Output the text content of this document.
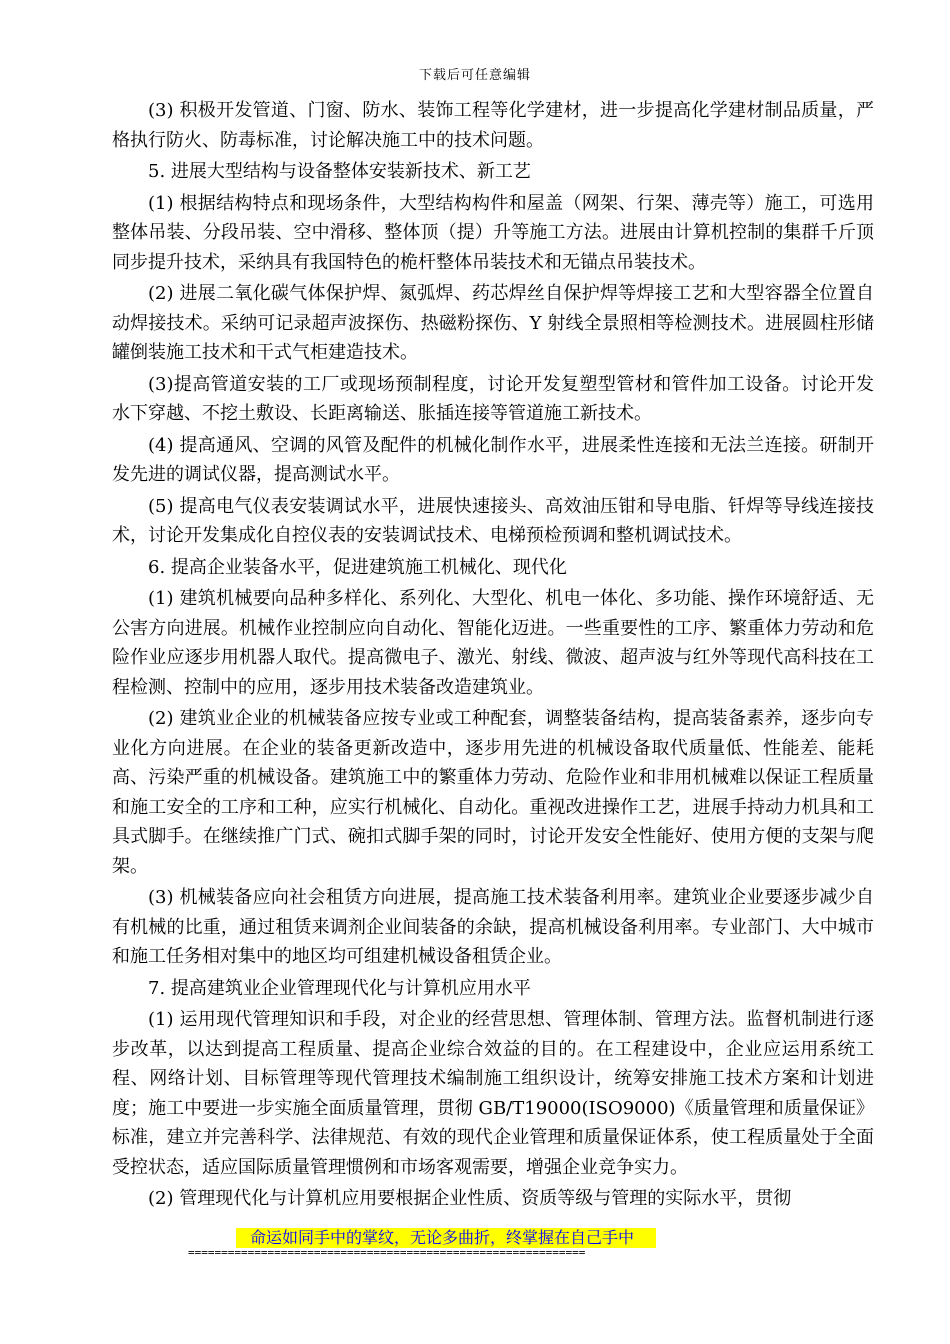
下载后可任意编辑

(3) 积极开发管道、门窗、防水、装饰工程等化学建材，进一步提高化学建材制品质量，严格执行防火、防毒标准，讨论解决施工中的技术问题。

5. 进展大型结构与设备整体安装新技术、新工艺

(1) 根据结构特点和现场条件，大型结构构件和屋盖（网架、行架、薄壳等）施工，可选用整体吊装、分段吊装、空中滑移、整体顶（提）升等施工方法。进展由计算机控制的集群千斤顶同步提升技术，采纳具有我国特色的桅杆整体吊装技术和无锚点吊装技术。

(2) 进展二氧化碳气体保护焊、氮弧焊、药芯焊丝自保护焊等焊接工艺和大型容器全位置自动焊接技术。采纳可记录超声波探伤、热磁粉探伤、Υ 射线全景照相等检测技术。进展圆柱形储罐倒装施工技术和干式气柜建造技术。

(3)提高管道安装的工厂或现场预制程度，讨论开发复塑型管材和管件加工设备。讨论开发水下穿越、不挖土敷设、长距离输送、胀插连接等管道施工新技术。

(4) 提高通风、空调的风管及配件的机械化制作水平，进展柔性连接和无法兰连接。研制开发先进的调试仪器，提高测试水平。

(5) 提高电气仪表安装调试水平，进展快速接头、高效油压钳和导电脂、钎焊等导线连接技术，讨论开发集成化自控仪表的安装调试技术、电梯预检预调和整机调试技术。

6. 提高企业装备水平，促进建筑施工机械化、现代化

(1) 建筑机械要向品种多样化、系列化、大型化、机电一体化、多功能、操作环境舒适、无公害方向进展。机械作业控制应向自动化、智能化迈进。一些重要性的工序、繁重体力劳动和危险作业应逐步用机器人取代。提高微电子、激光、射线、微波、超声波与红外等现代高科技在工程检测、控制中的应用，逐步用技术装备改造建筑业。

(2) 建筑业企业的机械装备应按专业或工种配套，调整装备结构，提高装备素养，逐步向专业化方向进展。在企业的装备更新改造中，逐步用先进的机械设备取代质量低、性能差、能耗高、污染严重的机械设备。建筑施工中的繁重体力劳动、危险作业和非用机械难以保证工程质量和施工安全的工序和工种，应实行机械化、自动化。重视改进操作工艺，进展手持动力机具和工具式脚手。在继续推广门式、碗扣式脚手架的同时，讨论开发安全性能好、使用方便的支架与爬架。

(3) 机械装备应向社会租赁方向进展，提高施工技术装备利用率。建筑业企业要逐步减少自有机械的比重，通过租赁来调剂企业间装备的余缺，提高机械设备利用率。专业部门、大中城市和施工任务相对集中的地区均可组建机械设备租赁企业。

7. 提高建筑业企业管理现代化与计算机应用水平

(1) 运用现代管理知识和手段，对企业的经营思想、管理体制、管理方法。监督机制进行逐步改革，以达到提高工程质量、提高企业综合效益的目的。在工程建设中，企业应运用系统工程、网络计划、目标管理等现代管理技术编制施工组织设计，统筹安排施工技术方案和计划进度；施工中要进一步实施全面质量管理，贯彻 GB/T19000(ISO9000)《质量管理和质量保证》标准，建立并完善科学、法律规范、有效的现代企业管理和质量保证体系，使工程质量处于全面受控状态，适应国际质量管理惯例和市场客观需要，增强企业竞争实力。

(2) 管理现代化与计算机应用要根据企业性质、资质等级与管理的实际水平，贯彻

命运如同手中的掌纹，无论多曲折，终掌握在自己手中
============================================================
